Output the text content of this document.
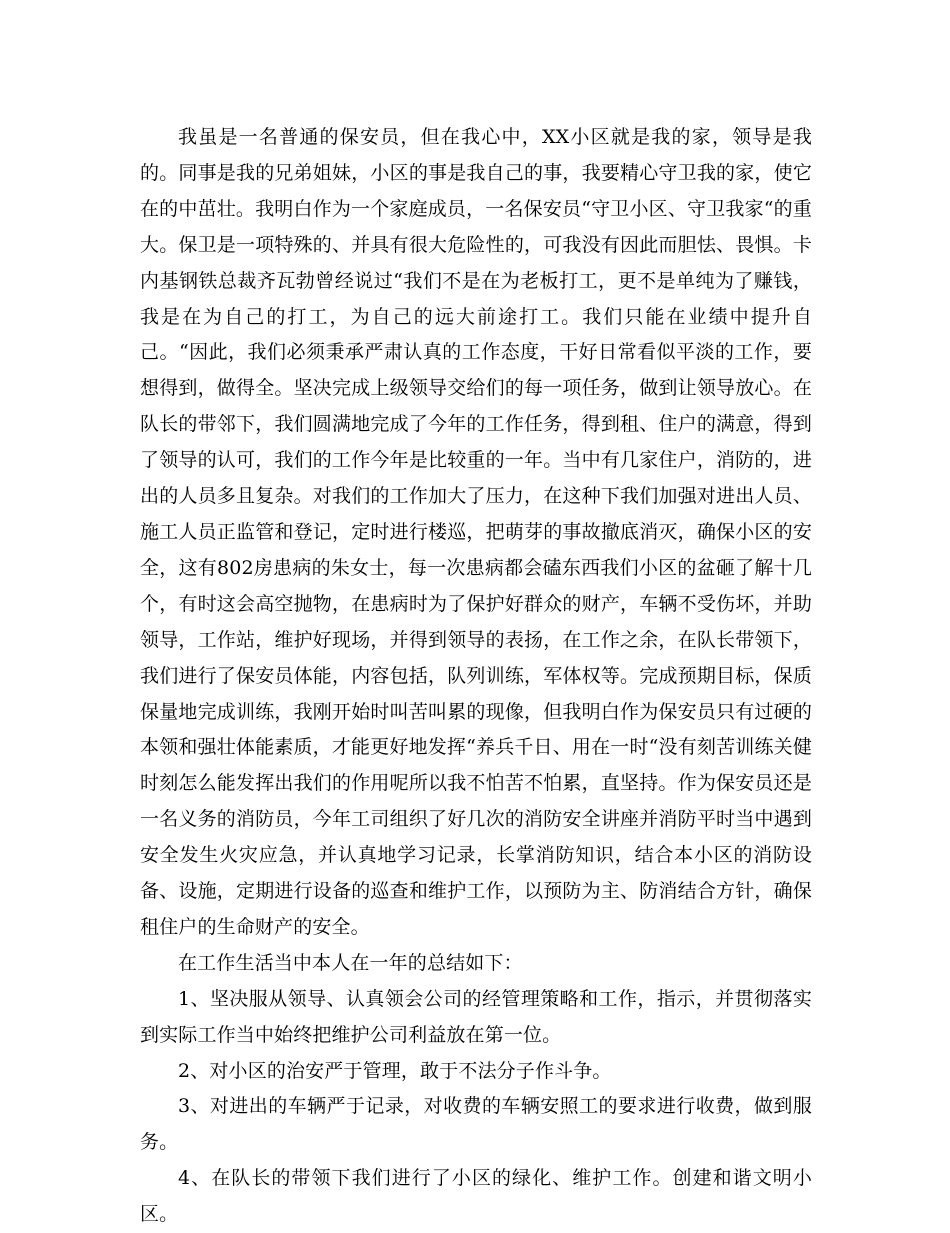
我虽是一名普通的保安员，但在我心中，XX小区就是我的家，领导是我的。同事是我的兄弟姐妹，小区的事是我自己的事，我要精心守卫我的家，使它在的中茁壮。我明白作为一个家庭成员，一名保安员“守卫小区、守卫我家“的重大。保卫是一项特殊的、并具有很大危险性的，可我没有因此而胆怯、畏惧。卡内基钢铁总裁齐瓦勃曾经说过“我们不是在为老板打工，更不是单纯为了赚钱，我是在为自己的打工，为自己的远大前途打工。我们只能在业绩中提升自己。“因此，我们必须秉承严肃认真的工作态度，干好日常看似平淡的工作，要想得到，做得全。坚决完成上级领导交给们的每一项任务，做到让领导放心。在队长的带邻下，我们圆满地完成了今年的工作任务，得到租、住户的满意，得到了领导的认可，我们的工作今年是比较重的一年。当中有几家住户，消防的，进出的人员多且复杂。对我们的工作加大了压力，在这种下我们加强对进出人员、施工人员正监管和登记，定时进行楼巡，把萌芽的事故撤底消灭，确保小区的安全，这有802房患病的朱女士，每一次患病都会磕东西我们小区的盆砸了解十几个，有时这会高空抛物，在患病时为了保护好群众的财产，车辆不受伤坏，并助领导，工作站，维护好现场，并得到领导的表扬，在工作之余，在队长带领下，我们进行了保安员体能，内容包括，队列训练，军体权等。完成预期目标，保质保量地完成训练，我刚开始时叫苦叫累的现像，但我明白作为保安员只有过硬的本领和强壮体能素质，才能更好地发挥“养兵千日、用在一时“没有刻苦训练关健时刻怎么能发挥出我们的作用呢所以我不怕苦不怕累，直坚持。作为保安员还是一名义务的消防员，今年工司组织了好几次的消防安全讲座并消防平时当中遇到安全发生火灾应急，并认真地学习记录，长掌消防知识，结合本小区的消防设备、设施，定期进行设备的巡查和维护工作，以预防为主、防消结合方针，确保租住户的生命财产的安全。

在工作生活当中本人在一年的总结如下：

1、坚决服从领导、认真领会公司的经管理策略和工作，指示，并贯彻落实到实际工作当中始终把维护公司利益放在第一位。

2、对小区的治安严于管理，敢于不法分子作斗争。

3、对进出的车辆严于记录，对收费的车辆安照工的要求进行收费，做到服务。

4、在队长的带领下我们进行了小区的绿化、维护工作。创建和谐文明小区。
